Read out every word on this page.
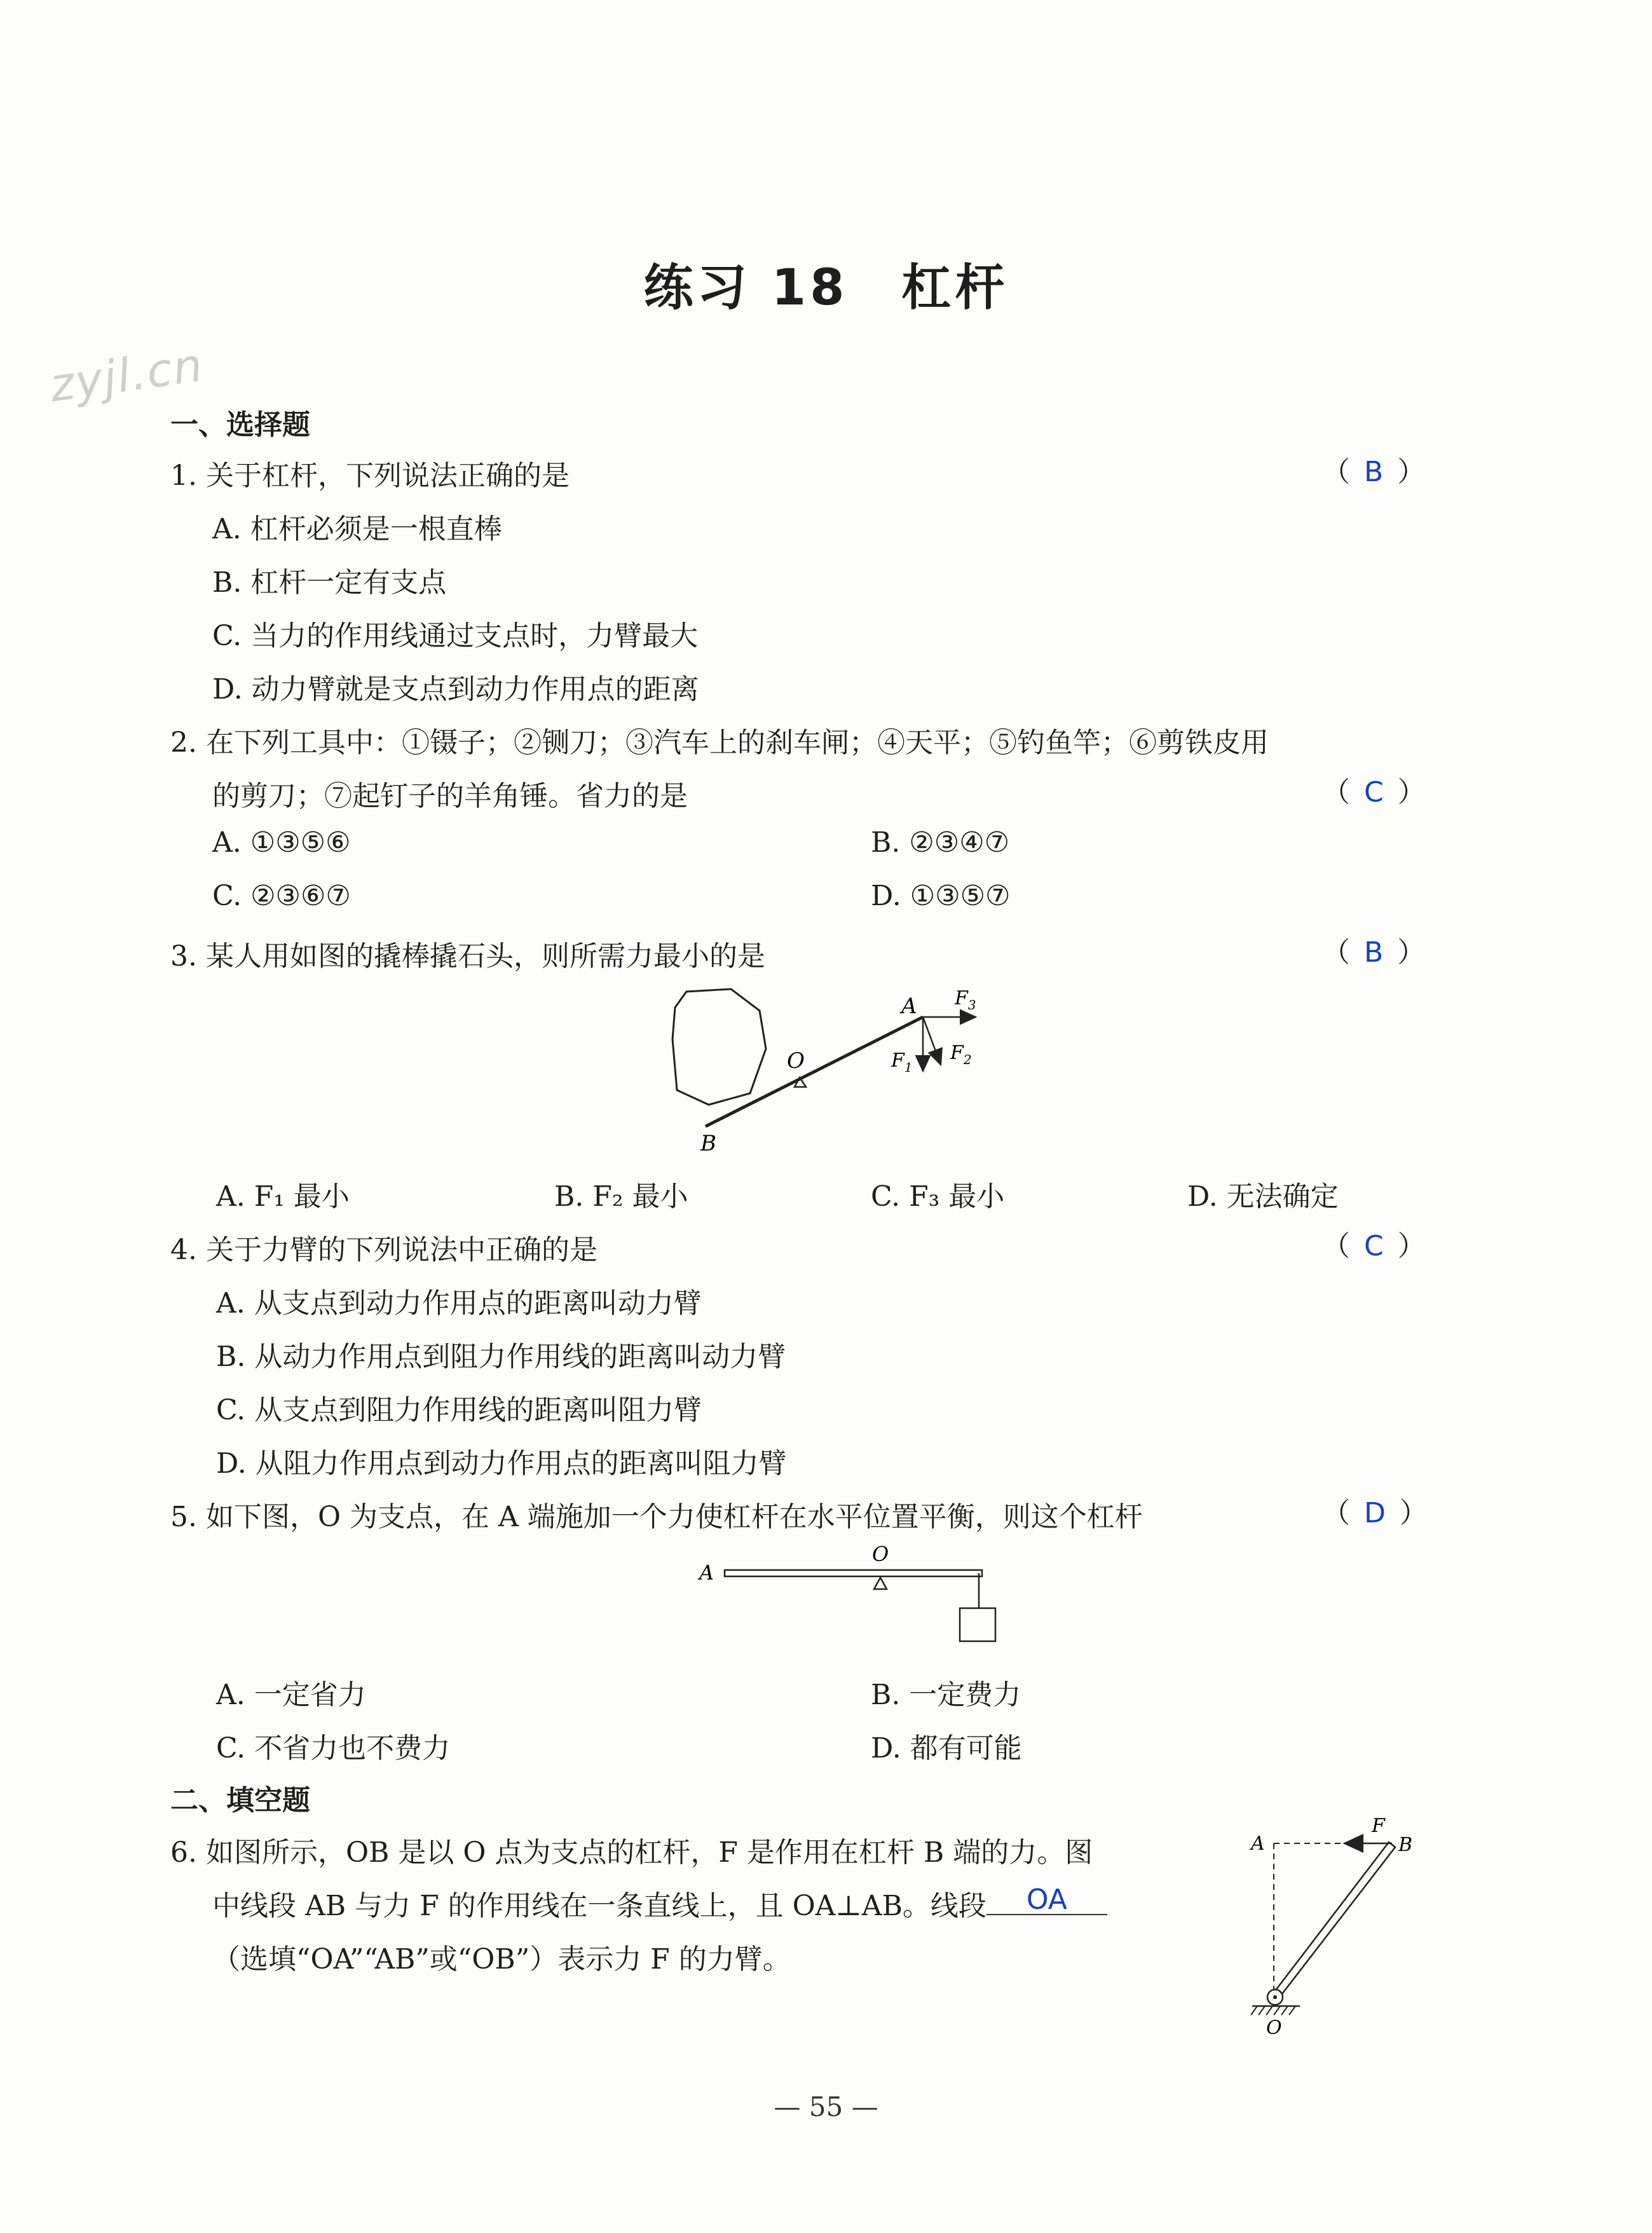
练习 18　杠杆
zyjl.cn
一、选择题
1. 关于杠杆，下列说法正确的是	（ B ）
A. 杠杆必须是一根直棒
B. 杠杆一定有支点
C. 当力的作用线通过支点时，力臂最大
D. 动力臂就是支点到动力作用点的距离
2. 在下列工具中：①镊子；②铡刀；③汽车上的刹车闸；④天平；⑤钓鱼竿；⑥剪铁皮用
的剪刀；⑦起钉子的羊角锤。省力的是	（ C ）
A. ①③⑤⑥	B. ②③④⑦
C. ②③⑥⑦	D. ①③⑤⑦
3. 某人用如图的撬棒撬石头，则所需力最小的是	（ B ）
A $F_3$
$F_1$
$F_2$
O
B
A. F₁ 最小	B. F₂ 最小	C. F₃ 最小	D. 无法确定
4. 关于力臂的下列说法中正确的是	（ C ）
A. 从支点到动力作用点的距离叫动力臂
B. 从动力作用点到阻力作用线的距离叫动力臂
C. 从支点到阻力作用线的距离叫阻力臂
D. 从阻力作用点到动力作用点的距离叫阻力臂
5. 如下图，O 为支点，在 A 端施加一个力使杠杆在水平位置平衡，则这个杠杆	（ D ）
A
O
A. 一定省力	B. 一定费力
C. 不省力也不费力	D. 都有可能
二、填空题
6. 如图所示，OB 是以 O 点为支点的杠杆，F 是作用在杠杆 B 端的力。图
中线段 AB 与力 F 的作用线在一条直线上，且 OA⊥AB。线段 OA
（选填“OA”“AB”或“OB”）表示力 F 的力臂。
A
F
B
O
— 55 —
